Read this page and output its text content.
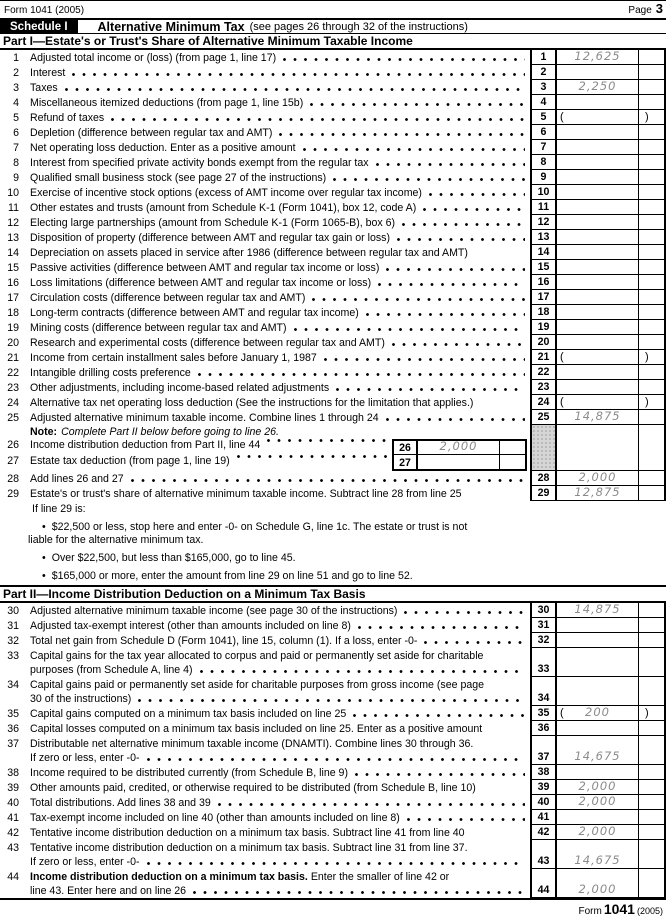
Form 1041 (2005)	Page 3
Schedule I	Alternative Minimum Tax (see pages 26 through 32 of the instructions)
Part I—Estate's or Trust's Share of Alternative Minimum Taxable Income
1 Adjusted total income or (loss) (from page 1, line 17)	1	12,625
2 Interest	2
3 Taxes	3	2,250
4 Miscellaneous itemized deductions (from page 1, line 15b)	4
5 Refund of taxes	5	(	)
6 Depletion (difference between regular tax and AMT)	6
7 Net operating loss deduction. Enter as a positive amount	7
8 Interest from specified private activity bonds exempt from the regular tax	8
9 Qualified small business stock (see page 27 of the instructions)	9
10 Exercise of incentive stock options (excess of AMT income over regular tax income)	10
11 Other estates and trusts (amount from Schedule K-1 (Form 1041), box 12, code A)	11
12 Electing large partnerships (amount from Schedule K-1 (Form 1065-B), box 6)	12
13 Disposition of property (difference between AMT and regular tax gain or loss)	13
14 Depreciation on assets placed in service after 1986 (difference between regular tax and AMT)	14
15 Passive activities (difference between AMT and regular tax income or loss)	15
16 Loss limitations (difference between AMT and regular tax income or loss)	16
17 Circulation costs (difference between regular tax and AMT)	17
18 Long-term contracts (difference between AMT and regular tax income)	18
19 Mining costs (difference between regular tax and AMT)	19
20 Research and experimental costs (difference between regular tax and AMT)	20
21 Income from certain installment sales before January 1, 1987	21 (	)
22 Intangible drilling costs preference	22
23 Other adjustments, including income-based related adjustments	23
24 Alternative tax net operating loss deduction (See the instructions for the limitation that applies.)	24 (	)
25 Adjusted alternative minimum taxable income. Combine lines 1 through 24	25	14,875
Note: Complete Part II below before going to line 26.
26 Income distribution deduction from Part II, line 44	26	2,000
27 Estate tax deduction (from page 1, line 19)	27
28 Add lines 26 and 27	28	2,000
29 Estate's or trust's share of alternative minimum taxable income. Subtract line 28 from line 25	29	12,875
If line 29 is:
• $22,500 or less, stop here and enter -0- on Schedule G, line 1c. The estate or trust is not
liable for the alternative minimum tax.
• Over $22,500, but less than $165,000, go to line 45.
• $165,000 or more, enter the amount from line 29 on line 51 and go to line 52.
Part II—Income Distribution Deduction on a Minimum Tax Basis
30 Adjusted alternative minimum taxable income (see page 30 of the instructions)	30	14,875
31 Adjusted tax-exempt interest (other than amounts included on line 8)	31
32 Total net gain from Schedule D (Form 1041), line 15, column (1). If a loss, enter -0-	32
33 Capital gains for the tax year allocated to corpus and paid or permanently set aside for charitable
purposes (from Schedule A, line 4)	33
34 Capital gains paid or permanently set aside for charitable purposes from gross income (see page
30 of the instructions)	34
35 Capital gains computed on a minimum tax basis included on line 25	35 ( 200	)
36 Capital losses computed on a minimum tax basis included on line 25. Enter as a positive amount	36
37 Distributable net alternative minimum taxable income (DNAMTI). Combine lines 30 through 36.
If zero or less, enter -0-	37	14,675
38 Income required to be distributed currently (from Schedule B, line 9)	38
39 Other amounts paid, credited, or otherwise required to be distributed (from Schedule B, line 10)	39	2,000
40 Total distributions. Add lines 38 and 39	40	2,000
41 Tax-exempt income included on line 40 (other than amounts included on line 8)	41
42 Tentative income distribution deduction on a minimum tax basis. Subtract line 41 from line 40	42	2,000
43 Tentative income distribution deduction on a minimum tax basis. Subtract line 31 from line 37.
If zero or less, enter -0-	43	14,675
44 Income distribution deduction on a minimum tax basis. Enter the smaller of line 42 or
line 43. Enter here and on line 26	44	2,000
Form 1041 (2005)
